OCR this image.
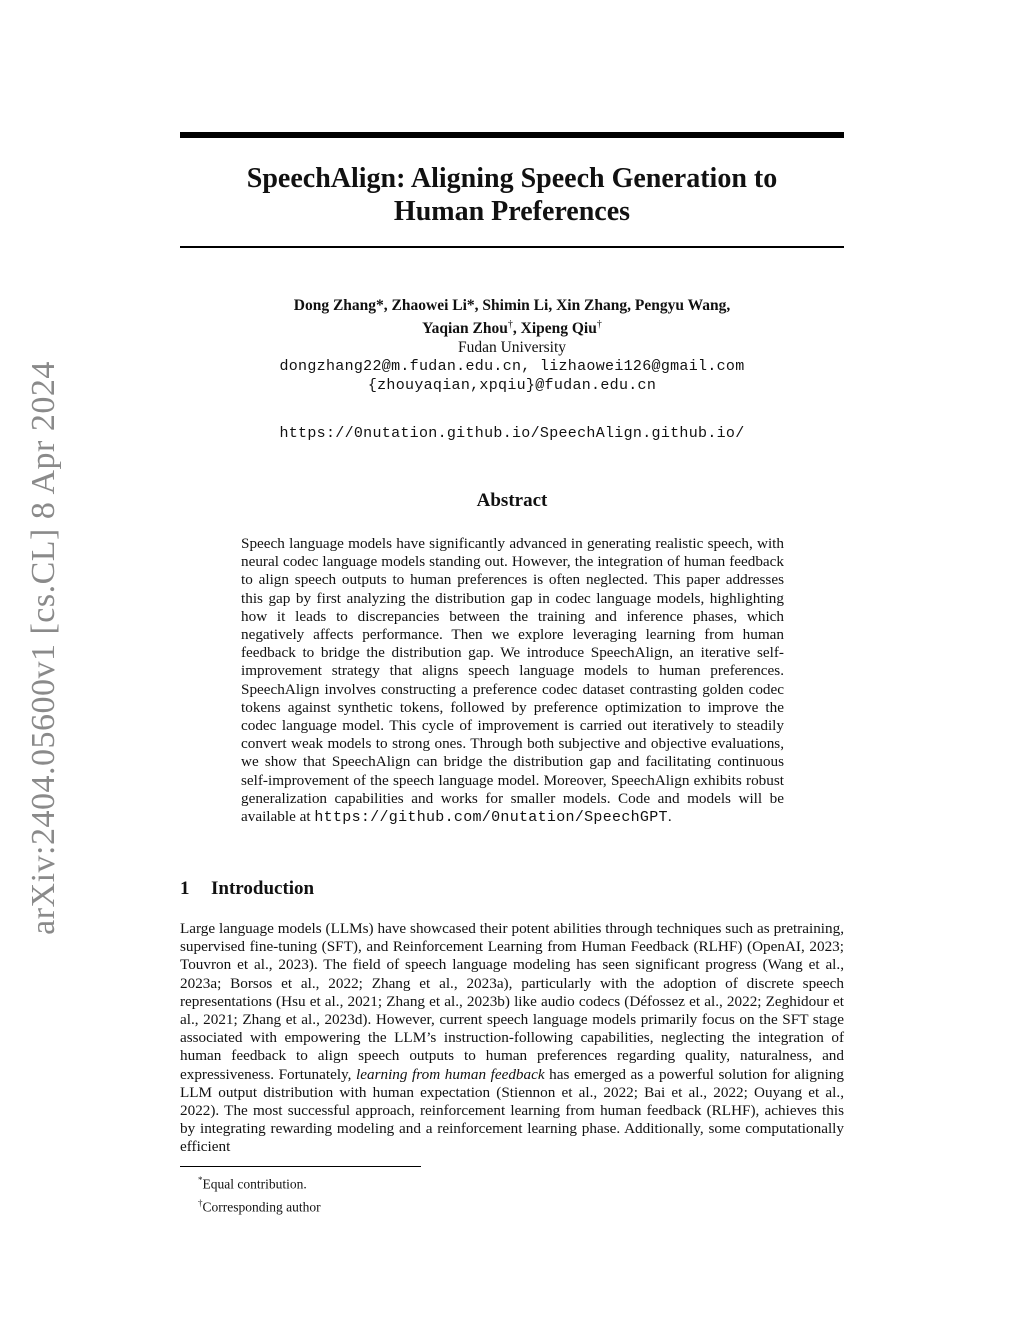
arXiv:2404.05600v1 [cs.CL] 8 Apr 2024
SpeechAlign: Aligning Speech Generation to
Human Preferences
Dong Zhang*, Zhaowei Li*, Shimin Li, Xin Zhang, Pengyu Wang,
Yaqian Zhou†, Xipeng Qiu†
Fudan University
dongzhang22@m.fudan.edu.cn, lizhaowei126@gmail.com
{zhouyaqian,xpqiu}@fudan.edu.cn
https://0nutation.github.io/SpeechAlign.github.io/
Abstract
Speech language models have significantly advanced in generating realistic speech, with neural codec language models standing out. However, the integration of human feedback to align speech outputs to human preferences is often neglected. This paper addresses this gap by first analyzing the distribution gap in codec language models, highlighting how it leads to discrepancies between the training and inference phases, which negatively affects performance. Then we explore leveraging learning from human feedback to bridge the distribution gap. We introduce SpeechAlign, an iterative self-improvement strategy that aligns speech language models to human preferences. SpeechAlign involves constructing a preference codec dataset contrasting golden codec tokens against synthetic tokens, followed by preference optimization to improve the codec language model. This cycle of improvement is carried out iteratively to steadily convert weak models to strong ones. Through both subjective and objective evaluations, we show that SpeechAlign can bridge the distribution gap and facilitating continuous self-improvement of the speech language model. Moreover, SpeechAlign exhibits robust generalization capabilities and works for smaller models. Code and models will be available at https://github.com/0nutation/SpeechGPT.
1 Introduction
Large language models (LLMs) have showcased their potent abilities through techniques such as pretraining, supervised fine-tuning (SFT), and Reinforcement Learning from Human Feedback (RLHF) (OpenAI, 2023; Touvron et al., 2023). The field of speech language modeling has seen significant progress (Wang et al., 2023a; Borsos et al., 2022; Zhang et al., 2023a), particularly with the adoption of discrete speech representations (Hsu et al., 2021; Zhang et al., 2023b) like audio codecs (Défossez et al., 2022; Zeghidour et al., 2021; Zhang et al., 2023d). However, current speech language models primarily focus on the SFT stage associated with empowering the LLM’s instruction-following capabilities, neglecting the integration of human feedback to align speech outputs to human preferences regarding quality, naturalness, and expressiveness. Fortunately, learning from human feedback has emerged as a powerful solution for aligning LLM output distribution with human expectation (Stiennon et al., 2022; Bai et al., 2022; Ouyang et al., 2022). The most successful approach, reinforcement learning from human feedback (RLHF), achieves this by integrating rewarding modeling and a reinforcement learning phase. Additionally, some computationally efficient
*Equal contribution.
†Corresponding author
